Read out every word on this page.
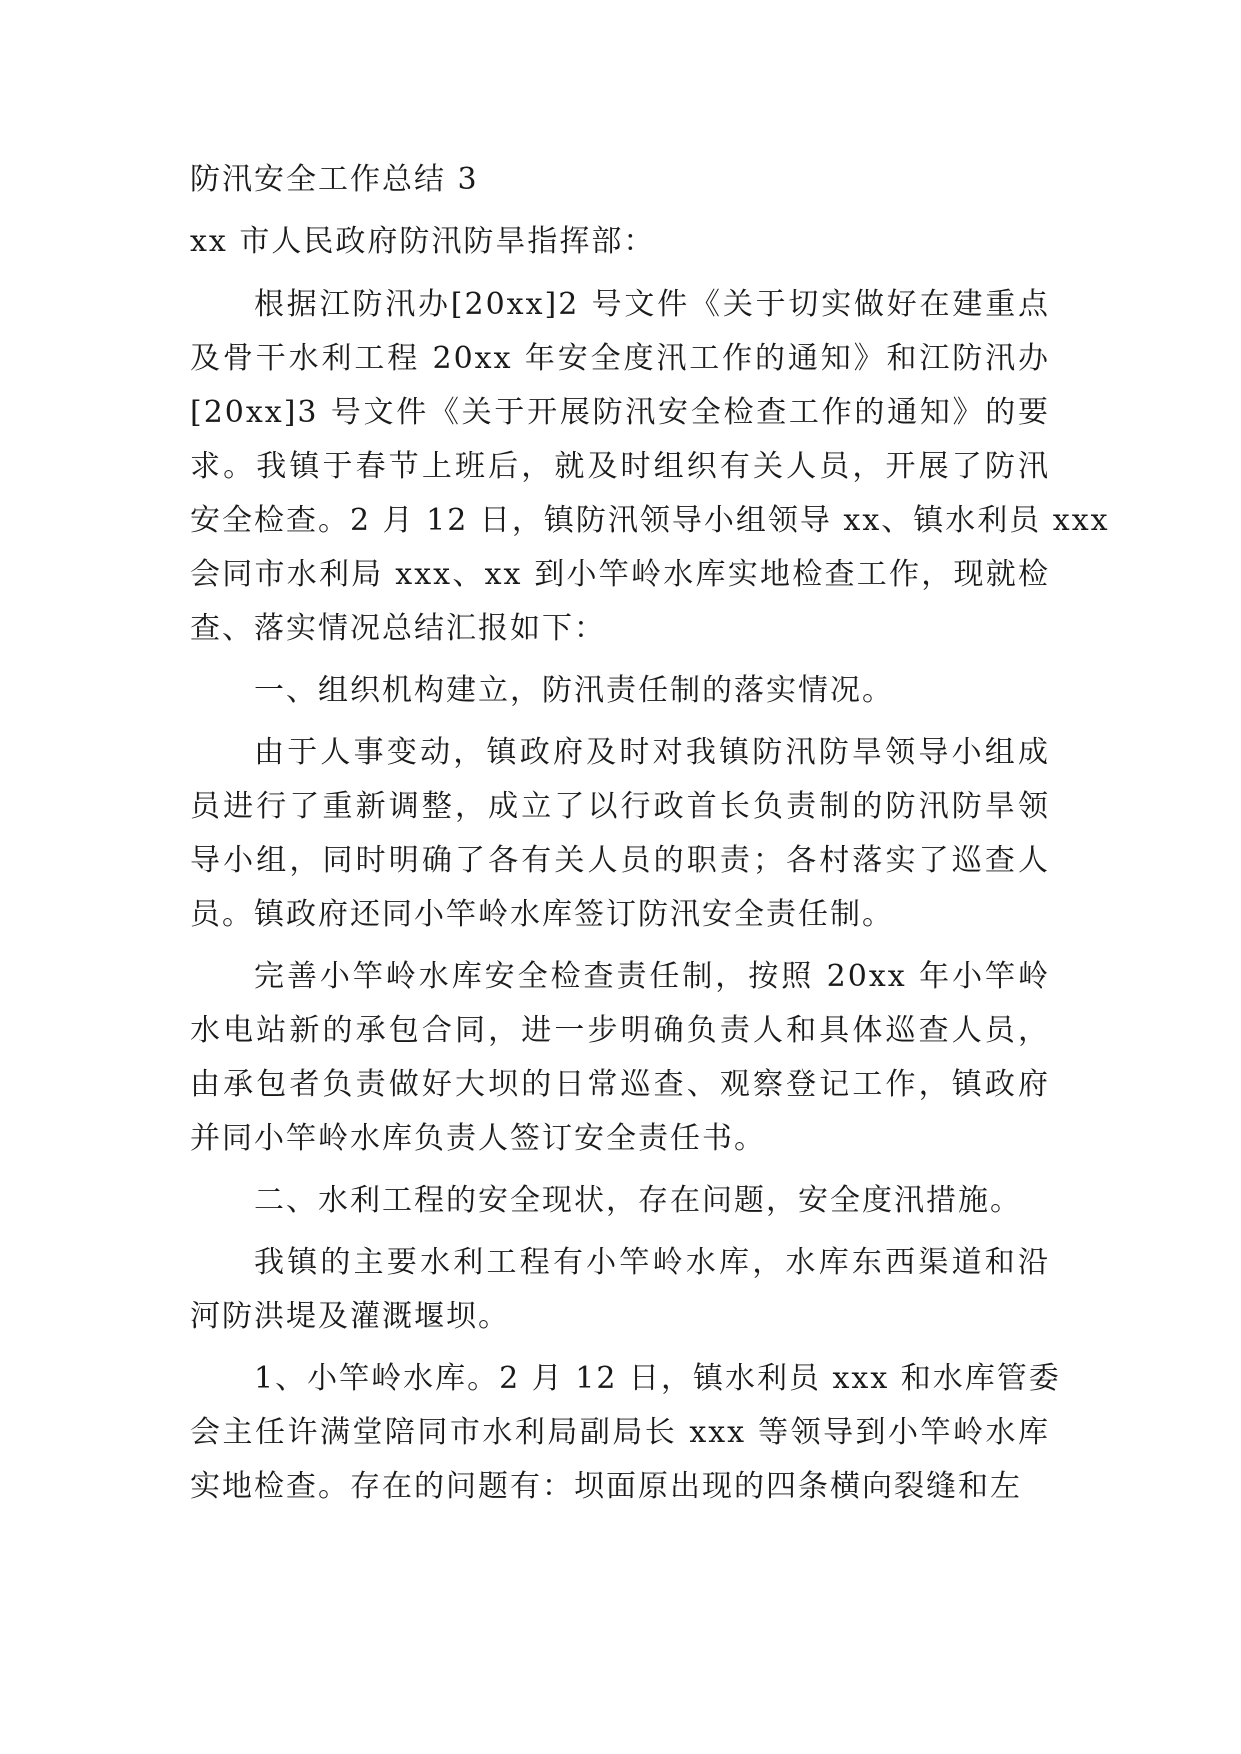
防汛安全工作总结 3
xx 市人民政府防汛防旱指挥部：
根据江防汛办[20xx]2 号文件《关于切实做好在建重点
及骨干水利工程 20xx 年安全度汛工作的通知》和江防汛办
[20xx]3 号文件《关于开展防汛安全检查工作的通知》的要
求。我镇于春节上班后，就及时组织有关人员，开展了防汛
安全检查。2 月 12 日，镇防汛领导小组领导 xx、镇水利员 xxx
会同市水利局 xxx、xx 到小竿岭水库实地检查工作，现就检
查、落实情况总结汇报如下：
一、组织机构建立，防汛责任制的落实情况。
由于人事变动，镇政府及时对我镇防汛防旱领导小组成
员进行了重新调整，成立了以行政首长负责制的防汛防旱领
导小组，同时明确了各有关人员的职责；各村落实了巡查人
员。镇政府还同小竿岭水库签订防汛安全责任制。
完善小竿岭水库安全检查责任制，按照 20xx 年小竿岭
水电站新的承包合同，进一步明确负责人和具体巡查人员，
由承包者负责做好大坝的日常巡查、观察登记工作，镇政府
并同小竿岭水库负责人签订安全责任书。
二、水利工程的安全现状，存在问题，安全度汛措施。
我镇的主要水利工程有小竿岭水库，水库东西渠道和沿
河防洪堤及灌溉堰坝。
1、小竿岭水库。2 月 12 日，镇水利员 xxx 和水库管委
会主任许满堂陪同市水利局副局长 xxx 等领导到小竿岭水库
实地检查。存在的问题有：坝面原出现的四条横向裂缝和左
